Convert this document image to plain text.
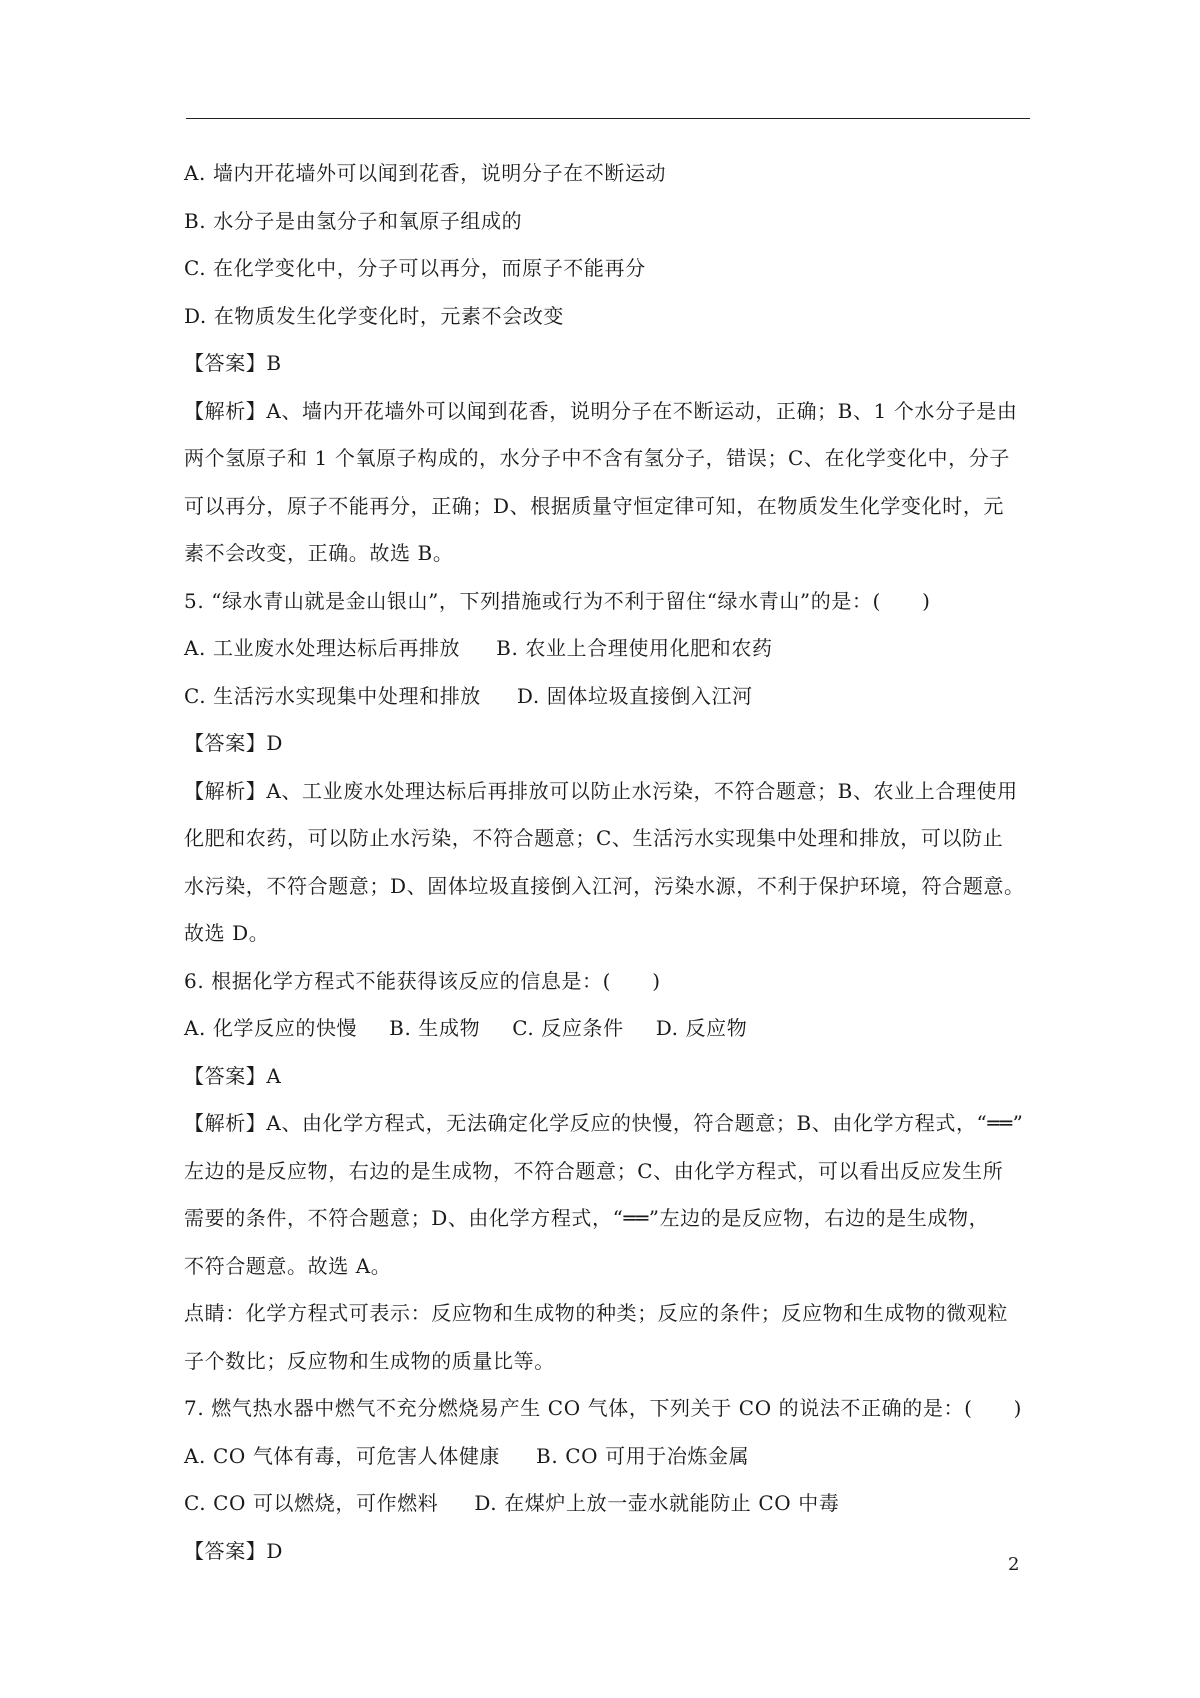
A. 墙内开花墙外可以闻到花香，说明分子在不断运动
B. 水分子是由氢分子和氧原子组成的
C. 在化学变化中，分子可以再分，而原子不能再分
D. 在物质发生化学变化时，元素不会改变
【答案】B
【解析】A、墙内开花墙外可以闻到花香，说明分子在不断运动，正确；B、1 个水分子是由
两个氢原子和 1 个氧原子构成的，水分子中不含有氢分子，错误；C、在化学变化中，分子
可以再分，原子不能再分，正确；D、根据质量守恒定律可知，在物质发生化学变化时，元
素不会改变，正确。故选 B。
5. “绿水青山就是金山银山”，下列措施或行为不利于留住“绿水青山”的是：(　　)
A. 工业废水处理达标后再排放 B. 农业上合理使用化肥和农药
C. 生活污水实现集中处理和排放 D. 固体垃圾直接倒入江河
【答案】D
【解析】A、工业废水处理达标后再排放可以防止水污染，不符合题意；B、农业上合理使用
化肥和农药，可以防止水污染，不符合题意；C、生活污水实现集中处理和排放，可以防止
水污染，不符合题意；D、固体垃圾直接倒入江河，污染水源，不利于保护环境，符合题意。
故选 D。
6. 根据化学方程式不能获得该反应的信息是：(　　)
A. 化学反应的快慢 B. 生成物 C. 反应条件 D. 反应物
【答案】A
【解析】A、由化学方程式，无法确定化学反应的快慢，符合题意；B、由化学方程式，“══”
左边的是反应物，右边的是生成物，不符合题意；C、由化学方程式，可以看出反应发生所
需要的条件，不符合题意；D、由化学方程式，“══”左边的是反应物，右边的是生成物，
不符合题意。故选 A。
点睛：化学方程式可表示：反应物和生成物的种类；反应的条件；反应物和生成物的微观粒
子个数比；反应物和生成物的质量比等。
7. 燃气热水器中燃气不充分燃烧易产生 CO 气体，下列关于 CO 的说法不正确的是：(　　)
A. CO 气体有毒，可危害人体健康 B. CO 可用于冶炼金属
C. CO 可以燃烧，可作燃料 D. 在煤炉上放一壶水就能防止 CO 中毒
【答案】D
2
